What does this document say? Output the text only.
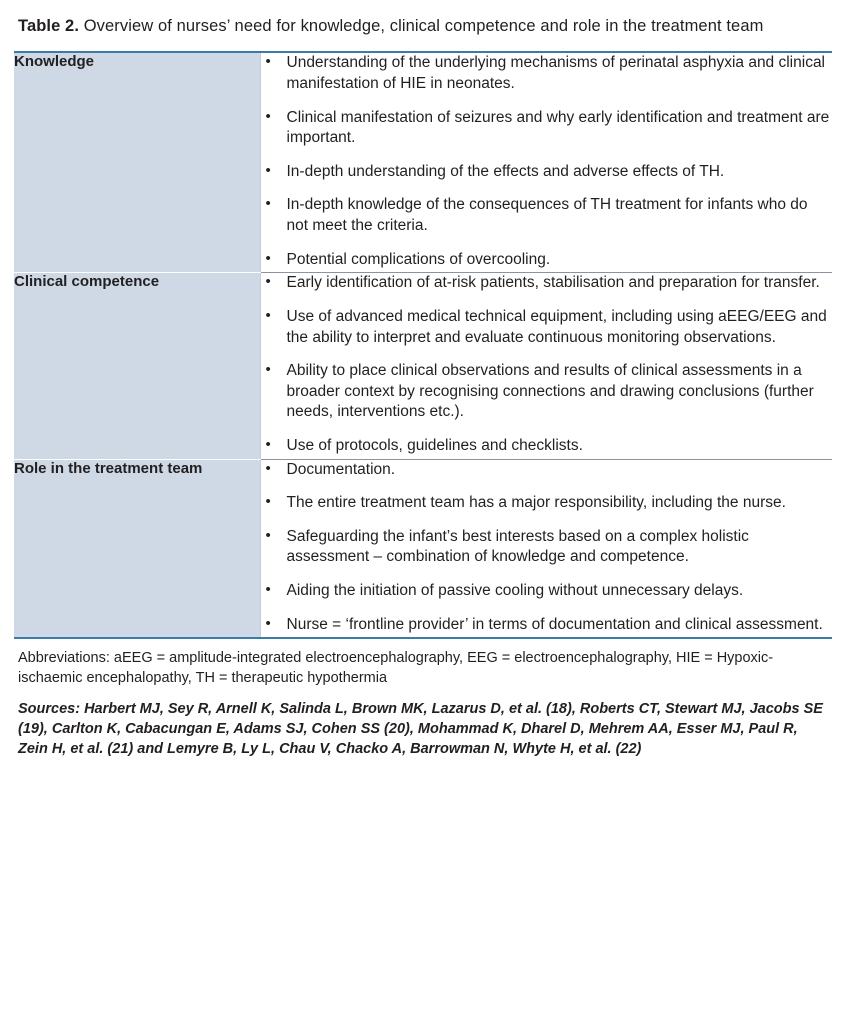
Table 2. Overview of nurses’ need for knowledge, clinical competence and role in the treatment team
Knowledge	
•Understanding of the underlying mechanisms of perinatal asphyxia and clinical manifestation of HIE in neonates.
• Clinical manifestation of seizures and why early identification and treatment are important.
• In-depth understanding of the effects and adverse effects of TH.
• In-depth knowledge of the consequences of TH treatment for infants who do not meet the criteria.
• Potential complications of overcooling.

Clinical competence	
•Early identification of at-risk patients, stabilisation and preparation for transfer.
• Use of advanced medical technical equipment, including using aEEG/EEG and the ability to interpret and evaluate continuous monitoring observations.
• Ability to place clinical observations and results of clinical assessments in a broader context by recognising connections and drawing conclusions (further needs, interventions etc.).
• Use of protocols, guidelines and checklists.

Role in the treatment team	
•Documentation.
• The entire treatment team has a major responsibility, including the nurse.
• Safeguarding the infant’s best interests based on a complex holistic assessment – combination of knowledge and competence.
• Aiding the initiation of passive cooling without unnecessary delays.
• Nurse = ‘frontline provider’ in terms of documentation and clinical assessment.
Abbreviations: aEEG = amplitude-integrated electroencephalography, EEG = electroencephalography, HIE = Hypoxic-ischaemic encephalopathy, TH = therapeutic hypothermia
Sources: Harbert MJ, Sey R, Arnell K, Salinda L, Brown MK, Lazarus D, et al. (18), Roberts CT, Stewart MJ, Jacobs SE (19), Carlton K, Cabacungan E, Adams SJ, Cohen SS (20), Mohammad K, Dharel D, Mehrem AA, Esser MJ, Paul R, Zein H, et al. (21) and Lemyre B, Ly L, Chau V, Chacko A, Barrowman N, Whyte H, et al. (22)
